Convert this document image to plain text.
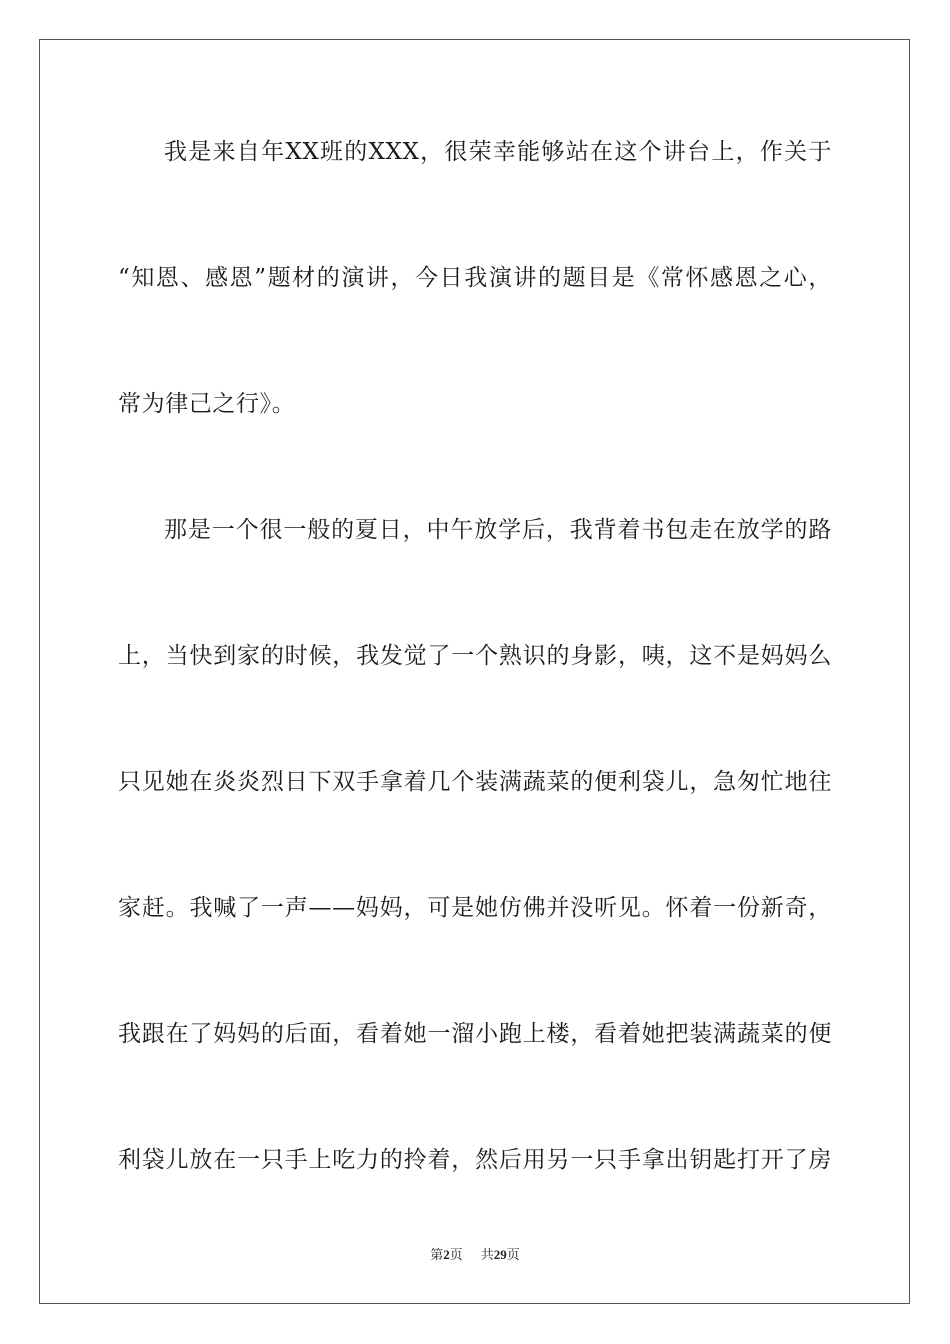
我是来自年XX班的XXX，很荣幸能够站在这个讲台上，作关于
“知恩、感恩”题材的演讲，今日我演讲的题目是《常怀感恩之心，
常为律己之行》。
那是一个很一般的夏日，中午放学后，我背着书包走在放学的路
上，当快到家的时候，我发觉了一个熟识的身影，咦，这不是妈妈么
只见她在炎炎烈日下双手拿着几个装满蔬菜的便利袋儿，急匆忙地往
家赶。我喊了一声——妈妈，可是她仿佛并没听见。怀着一份新奇，
我跟在了妈妈的后面，看着她一溜小跑上楼，看着她把装满蔬菜的便
利袋儿放在一只手上吃力的拎着，然后用另一只手拿出钥匙打开了房
第2页 共29页
